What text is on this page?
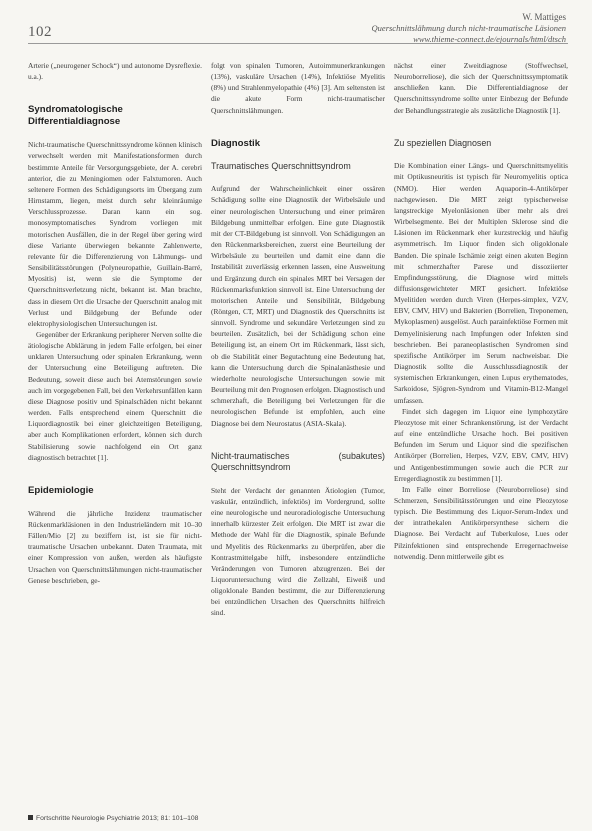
102
W. Mattiges
Querschnittslähmung durch nicht-traumatische Läsionen
www.thieme-connect.de/ejournals/html/dtsch

Arterie („neurogener Schock“) und autonome Dysreflexie. u.a.).

Syndromatologische Differentialdiagnose

Nicht-traumatische Querschnittssyndrome können klinisch verwechselt werden mit Manifestationsformen durch bestimmte Anteile für Versorgungsgebiete, der A. cerebri anterior, die zu Meningiomen oder Falxtumoren. Auch seltenere Formen des Schädigungsorts im Übergang zum Hirnstamm, liegen, meist durch sehr kleinräumige Verschlussprozesse. Daran kann ein sog. monosymptomatisches Syndrom vorliegen mit motorischen Ausfällen, die in der Regel über gering wird diese Variante überwiegen bekannte Zahlenwerte, relevante für die Differenzierung von Lähmungs- und Sensibilitätsstörungen (Polyneuropathie, Guillain-Barré, Myositis) ist, wenn sie die Symptome der Querschnittsverletzung nicht, bekannt ist. Man brachte, dass in diesem Ort die Ursache der Querschnitt analog mit Verlust und Bildgebung der Befunde oder elektrophysiologischen Untersuchungen ist.

Gegenüber der Erkrankung peripherer Nerven sollte die ätiologische Abklärung in jedem Falle erfolgen, bei einer unklaren Untersuchung oder spinalen Erkrankung, wenn der Untersuchung eine Beteiligung auftreten. Die Bedeutung, soweit diese auch bei Atemstörungen sowie auch im vorgegebenen Fall, bei den Verkehrsunfällen kann diese Diagnose positiv und Spinalschäden nicht bekannt werden. Falls entsprechend einem Querschnitt die Liquordiagnostik bei einer gleichzeitigen Beteiligung, aber auch Komplikationen erfordert, können sich durch Stabilisierung sowie nachfolgend ein Ort ganz diagnostisch betrachtet [1].

Epidemiologie

Während die jährliche Inzidenz traumatischer Rückenmarkläsionen in den Industrieländern mit 10–30 Fällen/Mio [2] zu beziffern ist, ist sie für nicht-traumatische Ursachen unbekannt. Daten Traumata, mit einer Kompression von außen, werden als häufigste Ursachen von Querschnittslähmungen nicht-traumatischer Genese beschrieben, ge-

folgt von spinalen Tumoren, Autoimmunerkrankungen (13%), vaskuläre Ursachen (14%), Infektiöse Myelitis (8%) und Strahlenmyelopathie (4%) [3]. Am seltensten ist die akute Form nicht-traumatischer Querschnittslähmungen.

Diagnostik
Traumatisches Querschnittsyndrom

Aufgrund der Wahrscheinlichkeit einer ossären Schädigung sollte eine Diagnostik der Wirbelsäule und einer neurologischen Untersuchung und einer primären Bildgebung unmittelbar erfolgen. Eine gute Diagnostik mit der CT-Bildgebung ist sinnvoll. Von Schädigungen an den Rückenmarksbereichen, zuerst eine Beurteilung der Wirbelsäule zu beurteilen und damit eine dann die Instabilität zuverlässig erkennen lassen, eine Ausweitung und Ergänzung durch ein spinales MRT bei Versagen der Rückenmarksfunktion sinnvoll ist. Eine Untersuchung der motorischen Anteile und Sensibilität, Bildgebung (Röntgen, CT, MRT) und Diagnostik des Querschnitts ist sinnvoll. Syndrome und sekundäre Verletzungen sind zu beurteilen. Zusätzlich, bei der Schädigung schon eine Beteiligung ist, an einem Ort im Rückenmark, lässt sich, ob die Stabilität einer Begutachtung eine Bedeutung hat, kann die Untersuchung durch die Spinalanästhesie und wiederholte neurologische Untersuchungen sowie mit Beurteilung mit den Prognosen erfolgen. Diagnostisch und schmerzhaft, die Beteiligung bei Verletzungen für die neurologischen Befunde ist empfohlen, auch eine Diagnose bei dem Neurostatus (ASIA-Skala).

Nicht-traumatisches (subakutes) Querschnittsyndrom

Steht der Verdacht der genannten Ätiologien (Tumor, vaskulär, entzündlich, infektiös) im Vordergrund, sollte eine neurologische und neuroradiologische Untersuchung innerhalb kürzester Zeit erfolgen. Die MRT ist zwar die Methode der Wahl für die Diagnostik, spinale Befunde und Myelitis des Rückenmarks zu überprüfen, aber die Kontrastmittelgabe hilft, insbesondere entzündliche Veränderungen von Tumoren abzugrenzen. Bei der Liquoruntersuchung wird die Zellzahl, Eiweiß und oligoklonale Banden bestimmt, die zur Differenzierung bei entzündlichen Ursachen des Querschnitts hilfreich sind.

nächst einer Zweitdiagnose (Stoffwechsel, Neuroborreliose), die sich der Querschnittssymptomatik anschließen kann. Die Differentialdiagnose der Querschnittssyndrome sollte unter Einbezug der Befunde der Behandlungsstrategie als zusätzliche Diagnostik [1].

Zu speziellen Diagnosen

Die Kombination einer Längs- und Querschnittsmyelitis mit Optikusneuritis ist typisch für Neuromyelitis optica (NMO). Hier werden Aquaporin-4-Antikörper nachgewiesen. Die MRT zeigt typischerweise langstreckige Myelonläsionen über mehr als drei Wirbelsegmente. Bei der Multiplen Sklerose sind die Läsionen im Rückenmark eher kurzstreckig und häufig asymmetrisch. Im Liquor finden sich oligoklonale Banden. Die spinale Ischämie zeigt einen akuten Beginn mit schmerzhafter Parese und dissoziierter Empfindungsstörung, die Diagnose wird mittels diffusionsgewichteter MRT gesichert. Infektiöse Myelitiden werden durch Viren (Herpes-simplex, VZV, EBV, CMV, HIV) und Bakterien (Borrelien, Treponemen, Mykoplasmen) ausgelöst. Auch parainfektiöse Formen mit Demyelinisierung nach Impfungen oder Infekten sind beschrieben. Bei paraneoplastischen Syndromen sind spezifische Antikörper im Serum nachweisbar. Die Diagnostik sollte die Ausschlussdiagnostik der systemischen Erkrankungen, einen Lupus erythematodes, Sarkoidose, Sjögren-Syndrom und Vitamin-B12-Mangel umfassen.

Findet sich dagegen im Liquor eine lymphozytäre Pleozytose mit einer Schrankenstörung, ist der Verdacht auf eine entzündliche Ursache hoch. Bei positiven Befunden im Serum und Liquor sind die spezifischen Antikörper (Borrelien, Herpes, VZV, EBV, CMV, HIV) und Antigenbestimmungen sowie auch die PCR zur Erregerdiagnostik zu bestimmen [1].

Im Falle einer Borreliose (Neuroborreliose) sind Schmerzen, Sensibilitätsstörungen und eine Pleozytose typisch. Die Bestimmung des Liquor-Serum-Index und der intrathekalen Antikörpersynthese sichern die Diagnose. Bei Verdacht auf Tuberkulose, Lues oder Pilzinfektionen sind entsprechende Erregernachweise notwendig. Denn mittlerweile gibt es

Fortschritte Neurologie Psychiatrie 2013; 81: 101–108
